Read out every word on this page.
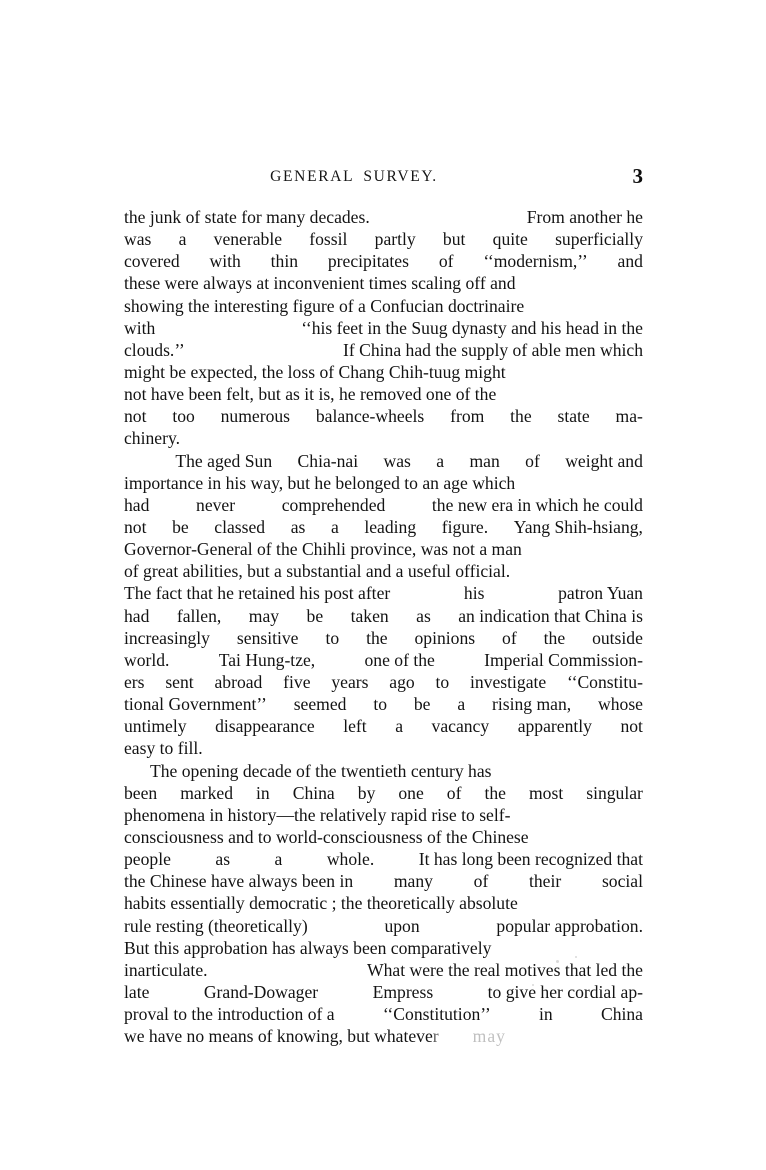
GENERAL SURVEY.	3
the junk of state for many decades.	From another he
was a venerable fossil partly but quite superficially
covered with thin precipitates of ‘‘modernism,’’ and
these were always at inconvenient times scaling off and
showing the interesting figure of a Confucian doctrinaire
with	‘‘his feet in the Suug dynasty and his head in the
clouds.’’	If China had the supply of able men which
might be expected, the loss of Chang Chih-tuug might
not have been felt, but as it is, he removed one of the
not too numerous balance-wheels from the state ma-
chinery.
The aged Sun Chia-nai was a man of weight and
importance in his way, but he belonged to an age which
had	never	comprehended	the new era in which he could
not be classed as a leading figure. Yang Shih-hsiang,
Governor-General of the Chihli province, was not a man
of great abilities, but a substantial and a useful official.
The fact that he retained his post after	his	patron Yuan
had fallen, may be taken as an indication that China is
increasingly sensitive to the opinions of the outside
world.	Tai Hung-tze,	one of the	Imperial Commission-
ers sent abroad five years ago to investigate ‘‘Constitu-
tional Government’’ seemed to be a rising man, whose
untimely disappearance left a vacancy apparently not
easy to fill.
The opening decade of the twentieth century has
been marked in China by one of the most singular
phenomena in history—the relatively rapid rise to self-
consciousness and to world-consciousness of the Chinese
people	as	a	whole.	It has long been recognized that
the Chinese have always been in many of their social
habits essentially democratic ; the theoretically absolute
rule resting (theoretically)	upon	popular approbation.
But this approbation has always been comparatively
inarticulate.	What were the real motives that led the
late	Grand-Dowager	Empress	to give her cordial ap-
proval to the introduction of a	‘‘Constitution’’	in	China
we have no means of knowing, but whatever may
